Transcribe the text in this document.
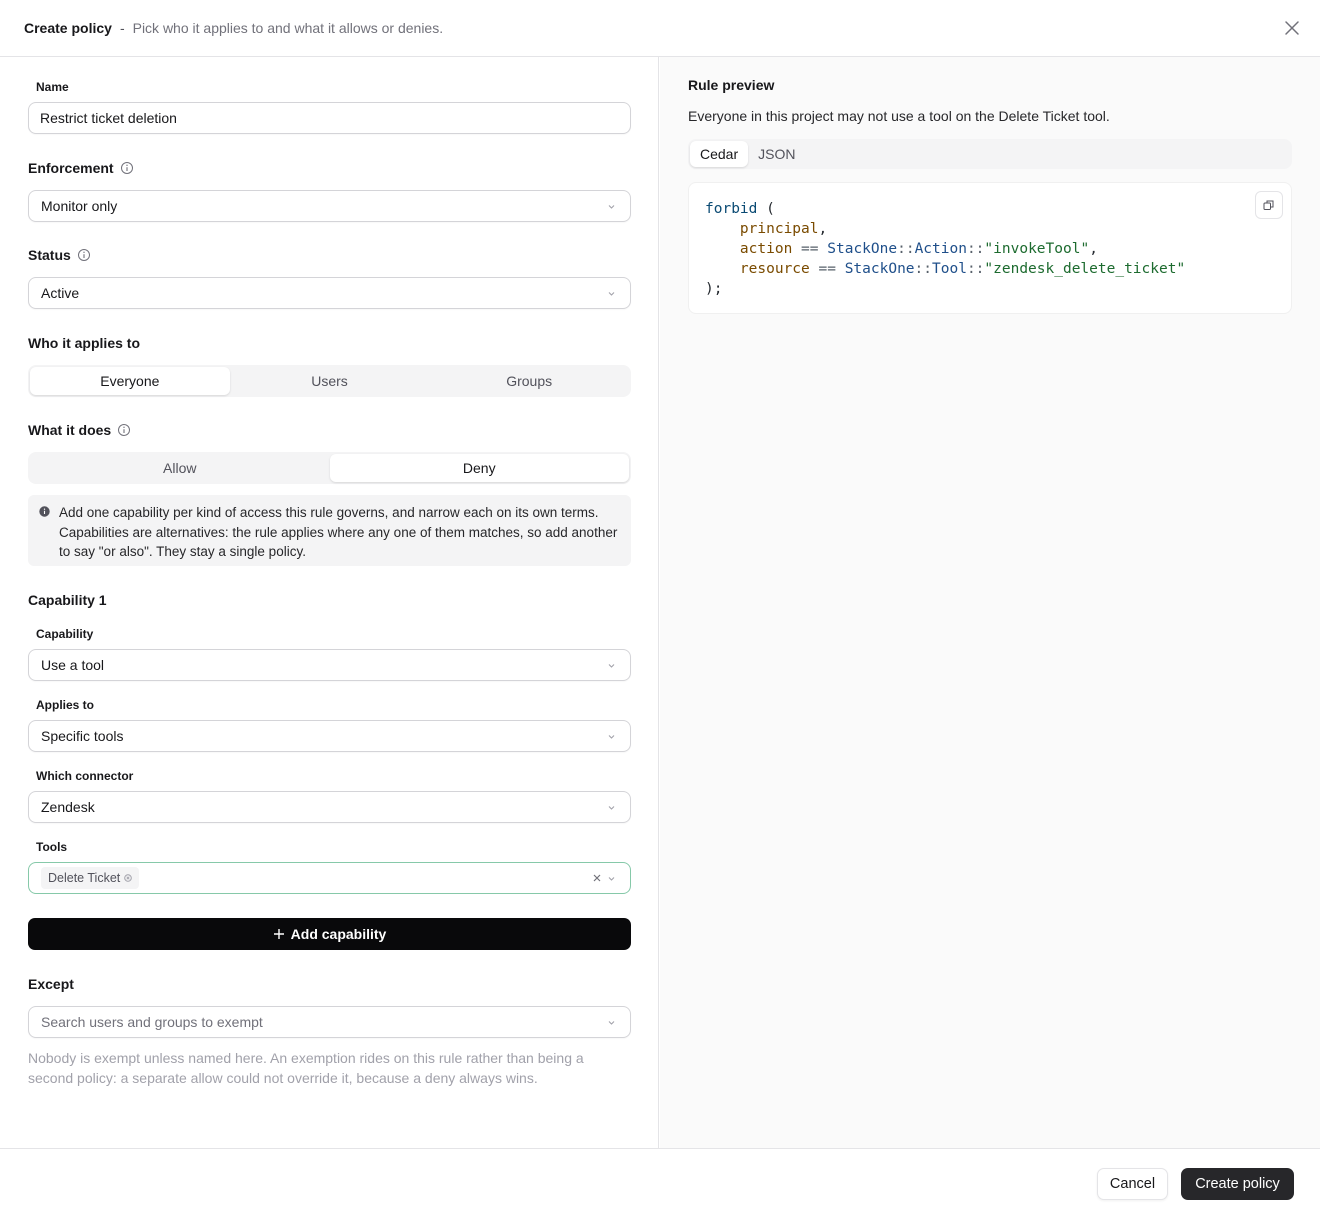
Create policy - Pick who it applies to and what it allows or denies.
Name
Restrict ticket deletion
Enforcement
Monitor only
Status
Active
Who it applies to
Everyone	Users	Groups
What it does
Allow	Deny
Add one capability per kind of access this rule governs, and narrow each on its own terms. Capabilities are alternatives: the rule applies where any one of them matches, so add another to say "or also". They stay a single policy.
Capability 1
Capability
Use a tool
Applies to
Specific tools
Which connector
Zendesk
Tools
Delete Ticket
Add capability
Except
Search users and groups to exempt
Nobody is exempt unless named here. An exemption rides on this rule rather than being a second policy: a separate allow could not override it, because a deny always wins.
Rule preview
Everyone in this project may not use a tool on the Delete Ticket tool.
Cedar	JSON
forbid (
principal,
action == StackOne::Action::"invokeTool",
resource == StackOne::Tool::"zendesk_delete_ticket"
);
Cancel	Create policy
